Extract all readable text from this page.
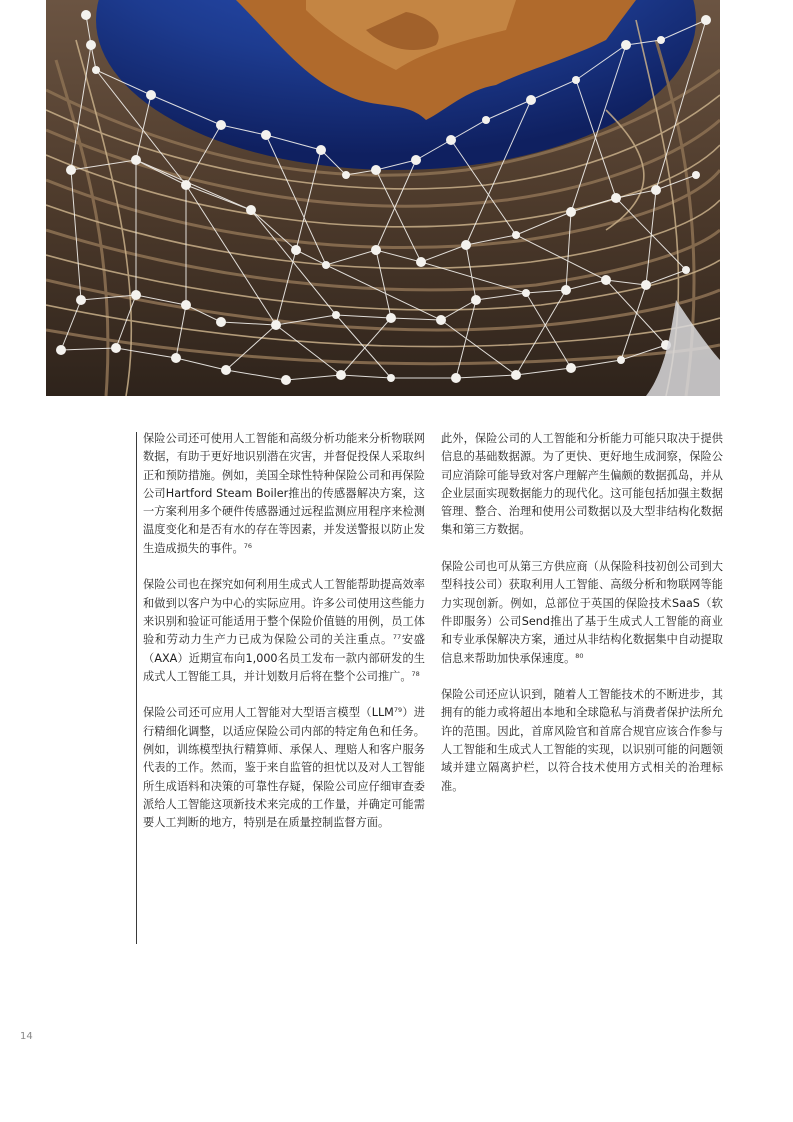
保险公司还可使用人工智能和高级分析功能来分析物联网数据，有助于更好地识别潜在灾害，并督促投保人采取纠正和预防措施。例如，美国全球性特种保险公司和再保险公司Hartford Steam Boiler推出的传感器解决方案，这一方案利用多个硬件传感器通过远程监测应用程序来检测温度变化和是否有水的存在等因素，并发送警报以防止发生造成损失的事件。$^{76}$

保险公司也在探究如何利用生成式人工智能帮助提高效率和做到以客户为中心的实际应用。许多公司使用这些能力来识别和验证可能适用于整个保险价值链的用例，员工体验和劳动力生产力已成为保险公司的关注重点。$^{77}$安盛（AXA）近期宣布向1,000名员工发布一款内部研发的生成式人工智能工具，并计划数月后将在整个公司推广。$^{78}$

保险公司还可应用人工智能对大型语言模型（LLM$^{79}$）进行精细化调整，以适应保险公司内部的特定角色和任务。例如，训练模型执行精算师、承保人、理赔人和客户服务代表的工作。然而，鉴于来自监管的担忧以及对人工智能所生成语料和决策的可靠性存疑，保险公司应仔细审查委派给人工智能这项新技术来完成的工作量，并确定可能需要人工判断的地方，特别是在质量控制监督方面。

此外，保险公司的人工智能和分析能力可能只取决于提供信息的基础数据源。为了更快、更好地生成洞察，保险公司应消除可能导致对客户理解产生偏颇的数据孤岛，并从企业层面实现数据能力的现代化。这可能包括加强主数据管理、整合、治理和使用公司数据以及大型非结构化数据集和第三方数据。

保险公司也可从第三方供应商（从保险科技初创公司到大型科技公司）获取利用人工智能、高级分析和物联网等能力实现创新。例如，总部位于英国的保险技术SaaS（软件即服务）公司Send推出了基于生成式人工智能的商业和专业承保解决方案，通过从非结构化数据集中自动提取信息来帮助加快承保速度。$^{80}$

保险公司还应认识到，随着人工智能技术的不断进步，其拥有的能力或将超出本地和全球隐私与消费者保护法所允许的范围。因此，首席风险官和首席合规官应该合作参与人工智能和生成式人工智能的实现，以识别可能的问题领域并建立隔离护栏，以符合技术使用方式相关的治理标准。

14
